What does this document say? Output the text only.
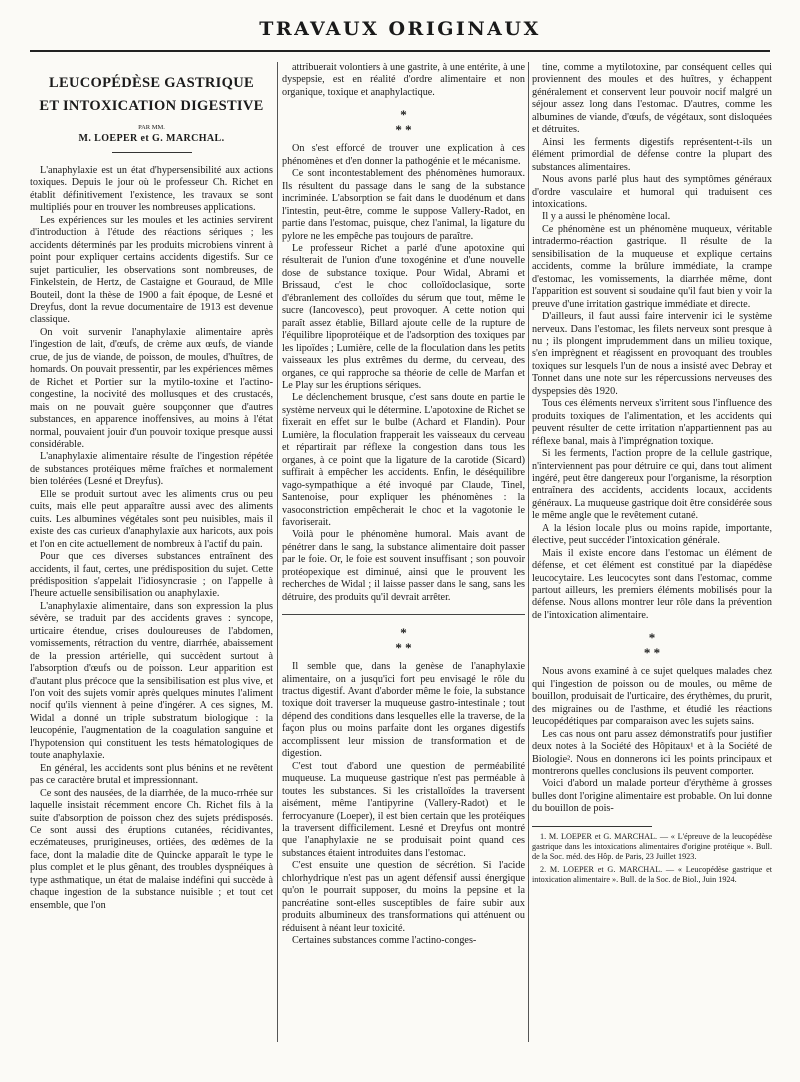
TRAVAUX ORIGINAUX
LEUCOPÉDÈSE GASTRIQUE
ET INTOXICATION DIGESTIVE
PAR MM.
M. LOEPER et G. MARCHAL.

L'anaphylaxie est un état d'hypersensibilité aux actions toxiques. Depuis le jour où le professeur Ch. Richet en établit définitivement l'existence, les travaux se sont multipliés pour en trouver les nombreuses applications.

Les expériences sur les moules et les actinies servirent d'introduction à l'étude des réactions sériques ; les accidents déterminés par les produits microbiens vinrent à point pour expliquer certains accidents digestifs. Sur ce sujet particulier, les observations sont nombreuses, de Finkelstein, de Hertz, de Castaigne et Gouraud, de Mlle Bouteil, dont la thèse de 1900 a fait époque, de Lesné et Dreyfus, dont la revue documentaire de 1913 est devenue classique.

On voit survenir l'anaphylaxie alimentaire après l'ingestion de lait, d'œufs, de crème aux œufs, de viande crue, de jus de viande, de poisson, de moules, d'huîtres, de homards. On pouvait pressentir, par les expériences mêmes de Richet et Portier sur la mytilo-toxine et l'actino-congestine, la nocivité des mollusques et des crustacés, mais on ne pouvait guère soupçonner que d'autres substances, en apparence inoffensives, au moins à l'état normal, pouvaient jouir d'un pouvoir toxique presque aussi considérable.

L'anaphylaxie alimentaire résulte de l'ingestion répétée de substances protéiques même fraîches et normalement bien tolérées (Lesné et Dreyfus).

Elle se produit surtout avec les aliments crus ou peu cuits, mais elle peut apparaître aussi avec des aliments cuits. Les albumines végétales sont peu nuisibles, mais il existe des cas curieux d'anaphylaxie aux haricots, aux pois et l'on en cite actuellement de nombreux à l'actif du pain.

Pour que ces diverses substances entraînent des accidents, il faut, certes, une prédisposition du sujet. Cette prédisposition s'appelait l'idiosyncrasie ; on l'appelle à l'heure actuelle sensibilisation ou anaphylaxie.

L'anaphylaxie alimentaire, dans son expression la plus sévère, se traduit par des accidents graves : syncope, urticaire étendue, crises douloureuses de l'abdomen, vomissements, rétraction du ventre, diarrhée, abaissement de la pression artérielle, qui succèdent surtout à l'absorption d'œufs ou de poisson. Leur apparition est d'autant plus précoce que la sensibilisation est plus vive, et l'on voit des sujets vomir après quelques minutes l'aliment nocif qu'ils viennent à peine d'ingérer. A ces signes, M. Widal a donné un triple substratum biologique : la leucopénie, l'augmentation de la coagulation sanguine et l'hypotension qui constituent les tests hématologiques de toute anaphylaxie.

En général, les accidents sont plus bénins et ne revêtent pas ce caractère brutal et impressionnant.

Ce sont des nausées, de la diarrhée, de la muco-rrhée sur laquelle insistait récemment encore Ch. Richet fils à la suite d'absorption de poisson chez des sujets prédisposés. Ce sont aussi des éruptions cutanées, récidivantes, eczémateuses, prurigineuses, ortiées, des œdèmes de la face, dont la maladie dite de Quincke apparaît le type le plus complet et le plus gênant, des troubles dyspnéiques à type asthmatique, un état de malaise indéfini qui succède à chaque ingestion de la substance nuisible ; et tout cet ensemble, que l'on

attribuerait volontiers à une gastrite, à une entérite, à une dyspepsie, est en réalité d'ordre alimentaire et non organique, toxique et anaphylactique.

*
* *

On s'est efforcé de trouver une explication à ces phénomènes et d'en donner la pathogénie et le mécanisme.

Ce sont incontestablement des phénomènes humoraux. Ils résultent du passage dans le sang de la substance incriminée. L'absorption se fait dans le duodénum et dans l'intestin, peut-être, comme le suppose Vallery-Radot, en partie dans l'estomac, puisque, chez l'animal, la ligature du pylore ne les empêche pas toujours de paraître.

Le professeur Richet a parlé d'une apotoxine qui résulterait de l'union d'une toxogénine et d'une nouvelle dose de substance toxique. Pour Widal, Abrami et Brissaud, c'est le choc colloïdoclasique, sorte d'ébranlement des colloïdes du sérum que tout, même le sucre (Iancovesco), peut provoquer. A cette notion qui paraît assez établie, Billard ajoute celle de la rupture de l'équilibre lipoprotéique et de l'adsorption des toxiques par les lipoïdes ; Lumière, celle de la floculation dans les petits vaisseaux les plus extrêmes du derme, du cerveau, des organes, ce qui rapproche sa théorie de celle de Marfan et Le Play sur les éruptions sériques.

Le déclenchement brusque, c'est sans doute en partie le système nerveux qui le détermine. L'apotoxine de Richet se fixerait en effet sur le bulbe (Achard et Flandin). Pour Lumière, la floculation frapperait les vaisseaux du cerveau et répartirait par réflexe la congestion dans tous les organes, à ce point que la ligature de la carotide (Sicard) suffirait à empêcher les accidents. Enfin, le déséquilibre vago-sympathique a été invoqué par Claude, Tinel, Santenoise, pour expliquer les phénomènes : la vasoconstriction empêcherait le choc et la vagotonie le favoriserait.

Voilà pour le phénomène humoral. Mais avant de pénétrer dans le sang, la substance alimentaire doit passer par le foie. Or, le foie est souvent insuffisant ; son pouvoir protéopexique est diminué, ainsi que le prouvent les recherches de Widal ; il laisse passer dans le sang, sans les détruire, des produits qu'il devrait arrêter.

*
* *

Il semble que, dans la genèse de l'anaphylaxie alimentaire, on a jusqu'ici fort peu envisagé le rôle du tractus digestif. Avant d'aborder même le foie, la substance toxique doit traverser la muqueuse gastro-intestinale ; tout dépend des conditions dans lesquelles elle la traverse, de la façon plus ou moins parfaite dont les organes digestifs accomplissent leur mission de transformation et de digestion.

C'est tout d'abord une question de perméabilité muqueuse. La muqueuse gastrique n'est pas perméable à toutes les substances. Si les cristalloïdes la traversent aisément, même l'antipyrine (Vallery-Radot) et le ferrocyanure (Loeper), il est bien certain que les protéiques la traversent difficilement. Lesné et Dreyfus ont montré que l'anaphylaxie ne se produisait point quand ces substances étaient introduites dans l'estomac.

C'est ensuite une question de sécrétion. Si l'acide chlorhydrique n'est pas un agent défensif aussi énergique qu'on le pourrait supposer, du moins la pepsine et la pancréatine sont-elles susceptibles de faire subir aux produits albumineux des transformations qui atténuent ou réduisent à néant leur toxicité.

Certaines substances comme l'actino-conges-

tine, comme a mytilotoxine, par conséquent celles qui proviennent des moules et des huîtres, y échappent généralement et conservent leur pouvoir nocif malgré un séjour assez long dans l'estomac. D'autres, comme les albumines de viande, d'œufs, de végétaux, sont disloquées et détruites.

Ainsi les ferments digestifs représentent-t-ils un élément primordial de défense contre la plupart des substances alimentaires.

Nous avons parlé plus haut des symptômes généraux d'ordre vasculaire et humoral qui traduisent ces intoxications.

Il y a aussi le phénomène local.

Ce phénomène est un phénomène muqueux, véritable intradermo-réaction gastrique. Il résulte de la sensibilisation de la muqueuse et explique certains accidents, comme la brûlure immédiate, la crampe d'estomac, les vomissements, la diarrhée même, dont l'apparition est souvent si soudaine qu'il faut bien y voir la preuve d'une irritation gastrique immédiate et directe.

D'ailleurs, il faut aussi faire intervenir ici le système nerveux. Dans l'estomac, les filets nerveux sont presque à nu ; ils plongent imprudemment dans un milieu toxique, s'en imprègnent et réagissent en provoquant des troubles toxiques sur lesquels l'un de nous a insisté avec Debray et Tonnet dans une note sur les répercussions nerveuses des dyspepsies dès 1920.

Tous ces éléments nerveux s'irritent sous l'influence des produits toxiques de l'alimentation, et les accidents qui peuvent résulter de cette irritation n'appartiennent pas au réflexe banal, mais à l'imprégnation toxique.

Si les ferments, l'action propre de la cellule gastrique, n'interviennent pas pour détruire ce qui, dans tout aliment ingéré, peut être dangereux pour l'organisme, la résorption entraînera des accidents, accidents locaux, accidents généraux. La muqueuse gastrique doit être considérée sous le même angle que le revêtement cutané.

A la lésion locale plus ou moins rapide, importante, élective, peut succéder l'intoxication générale.

Mais il existe encore dans l'estomac un élément de défense, et cet élément est constitué par la diapédèse leucocytaire. Les leucocytes sont dans l'estomac, comme partout ailleurs, les premiers éléments mobilisés pour la défense. Nous allons montrer leur rôle dans la prévention de l'intoxication alimentaire.

*
* *

Nous avons examiné à ce sujet quelques malades chez qui l'ingestion de poisson ou de moules, ou même de bouillon, produisait de l'urticaire, des érythèmes, du prurit, des migraines ou de l'asthme, et étudié les réactions leucopédétiques par comparaison avec les sujets sains.

Les cas nous ont paru assez démonstratifs pour justifier deux notes à la Société des Hôpitaux¹ et à la Société de Biologie². Nous en donnerons ici les points principaux et montrerons quelles conclusions ils peuvent comporter.

Voici d'abord un malade porteur d'érythème à grosses bulles dont l'origine alimentaire est probable. On lui donne du bouillon de pois-

1. M. LOEPER et G. MARCHAL. — « L'épreuve de la leucopédèse gastrique dans les intoxications alimentaires d'origine protéique ». Bull. de la Soc. méd. des Hôp. de Paris, 23 Juillet 1923.

2. M. LOEPER et G. MARCHAL. — « Leucopédèse gastrique et intoxication alimentaire ». Bull. de la Soc. de Biol., Juin 1924.
